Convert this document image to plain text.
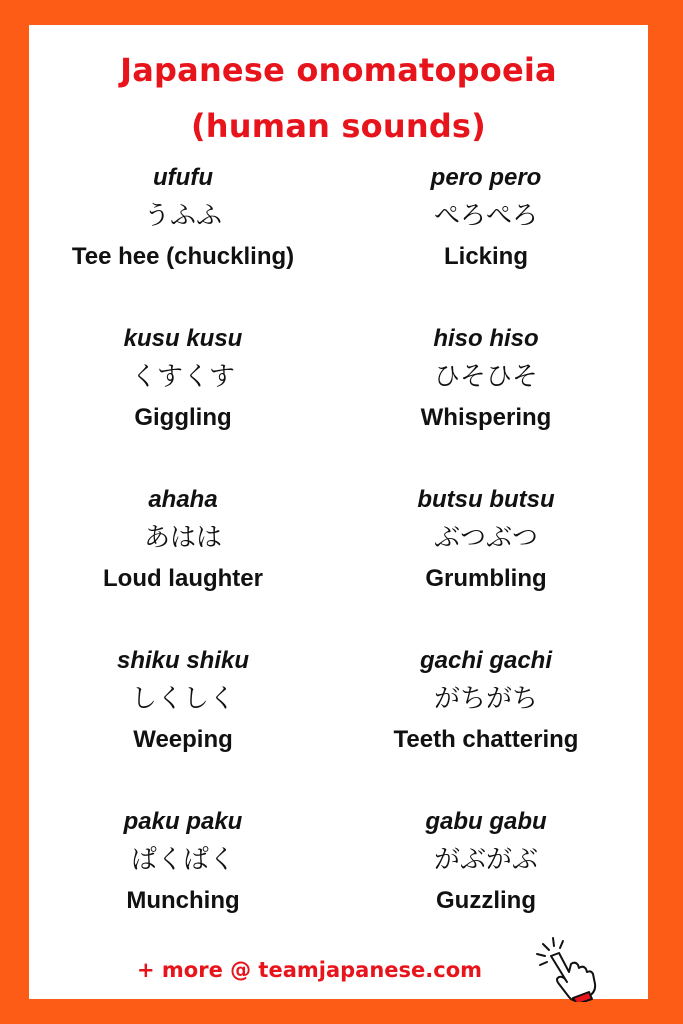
Japanese onomatopoeia
(human sounds)
ufufu
うふふ
Tee hee (chuckling)
pero pero
ぺろぺろ
Licking
kusu kusu
くすくす
Giggling
hiso hiso
ひそひそ
Whispering
ahaha
あはは
Loud laughter
butsu butsu
ぶつぶつ
Grumbling
shiku shiku
しくしく
Weeping
gachi gachi
がちがち
Teeth chattering
paku paku
ぱくぱく
Munching
gabu gabu
がぶがぶ
Guzzling
+ more @ teamjapanese.com
